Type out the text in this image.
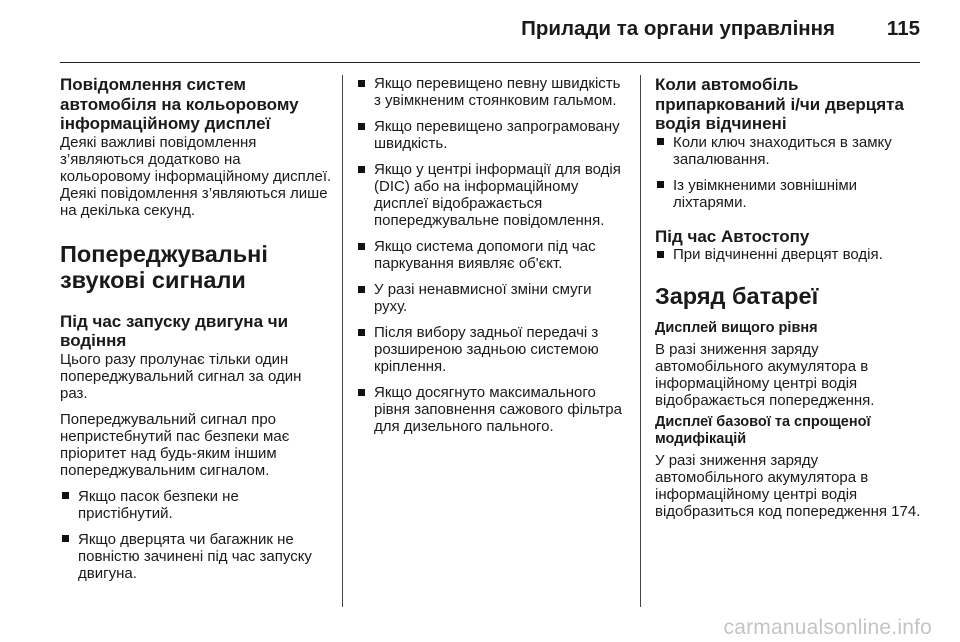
Прилади та органи управління	115
Повідомлення систем автомобіля на кольоровому інформаційному дисплеї

Деякі важливі повідомлення з’являються додатково на кольоровому інформаційному дисплеї. Деякі повідомлення з’являються лише на декілька секунд.

Попереджувальні звукові сигнали
Під час запуску двигуна чи водіння

Цього разу пролунає тільки один попереджувальний сигнал за один раз.

Попереджувальний сигнал про непристебнутий пас безпеки має пріоритет над будь-яким іншим попереджувальним сигналом.

Якщо пасок безпеки не пристібнутий.
Якщо дверцята чи багажник не повністю зачинені під час запуску двигуна.
Якщо перевищено певну швидкість з увімкненим стоянковим гальмом.
Якщо перевищено запрограмовану швидкість.
Якщо у центрі інформації для водія (DIC) або на інформаційному дисплеї відображається попереджувальне повідомлення.
Якщо система допомоги під час паркування виявляє об'єкт.
У разі ненавмисної зміни смуги руху.
Після вибору задньої передачі з розширеною задньою системою кріплення.
Якщо досягнуто максимального рівня заповнення сажового фільтра для дизельного пального.
Коли автомобіль припаркований і/чи дверцята водія відчинені
Коли ключ знаходиться в замку запалювання.
Із увімкненими зовнішніми ліхтарями.
Під час Автостопу
При відчиненні дверцят водія.
Заряд батареї
Дисплей вищого рівня

В разі зниження заряду автомобільного акумулятора в інформаційному центрі водія відображається попередження.

Дисплеї базової та спрощеної модифікацій

У разі зниження заряду автомобільного акумулятора в інформаційному центрі водія відобразиться код попередження 174.

carmanualsonline.info
